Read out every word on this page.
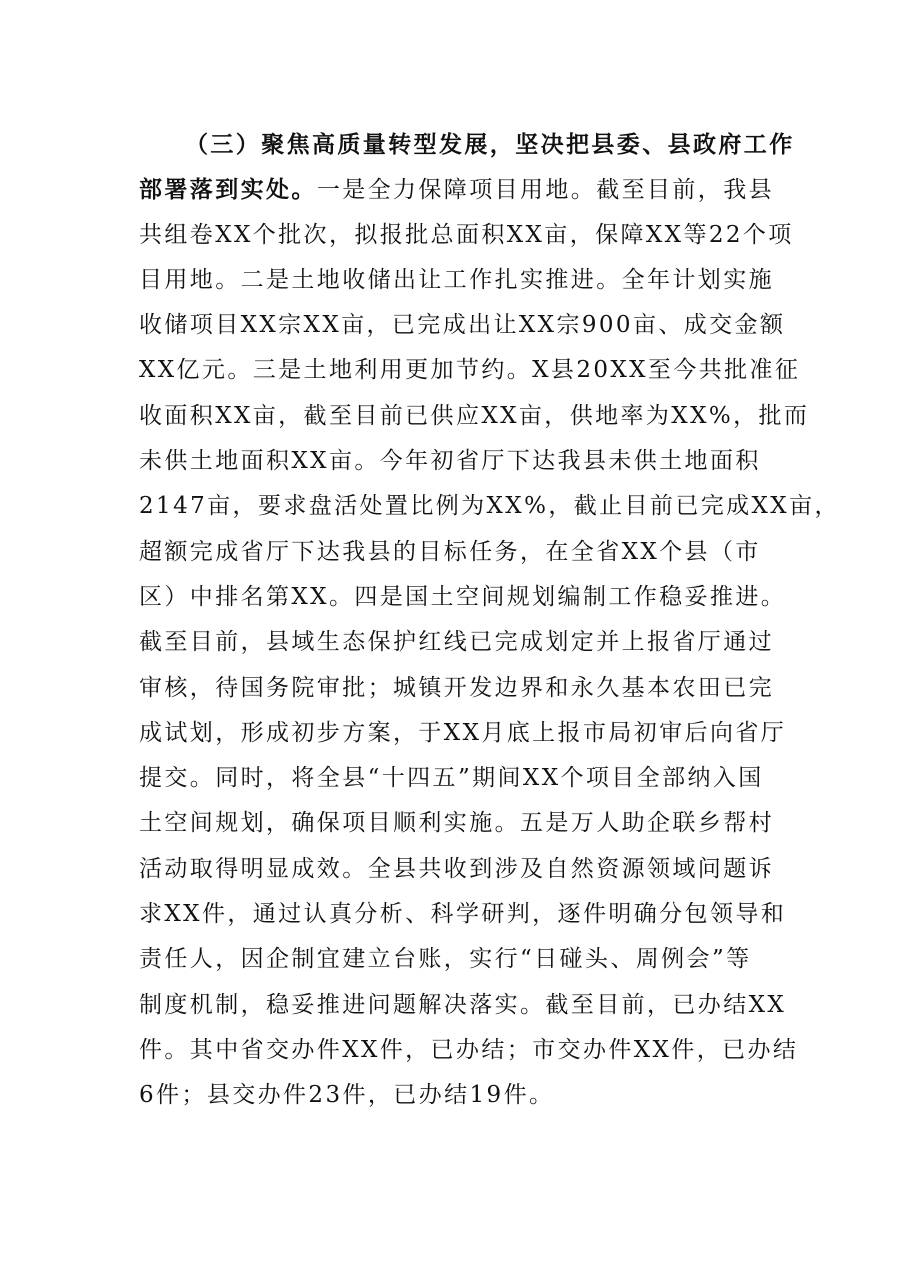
（三）聚焦高质量转型发展，坚决把县委、县政府工作
部署落到实处。一是全力保障项目用地。截至目前，我县
共组卷XX个批次，拟报批总面积XX亩，保障XX等22个项
目用地。二是土地收储出让工作扎实推进。全年计划实施
收储项目XX宗XX亩，已完成出让XX宗900亩、成交金额
XX亿元。三是土地利用更加节约。X县20XX至今共批准征
收面积XX亩，截至目前已供应XX亩，供地率为XX%，批而
未供土地面积XX亩。今年初省厅下达我县未供土地面积
2147亩，要求盘活处置比例为XX%，截止目前已完成XX亩，
超额完成省厅下达我县的目标任务，在全省XX个县（市
区）中排名第XX。四是国土空间规划编制工作稳妥推进。
截至目前，县域生态保护红线已完成划定并上报省厅通过
审核，待国务院审批；城镇开发边界和永久基本农田已完
成试划，形成初步方案，于XX月底上报市局初审后向省厅
提交。同时，将全县“十四五”期间XX个项目全部纳入国
土空间规划，确保项目顺利实施。五是万人助企联乡帮村
活动取得明显成效。全县共收到涉及自然资源领域问题诉
求XX件，通过认真分析、科学研判，逐件明确分包领导和
责任人，因企制宜建立台账，实行“日碰头、周例会”等
制度机制，稳妥推进问题解决落实。截至目前，已办结XX
件。其中省交办件XX件，已办结；市交办件XX件，已办结
6件；县交办件23件，已办结19件。
